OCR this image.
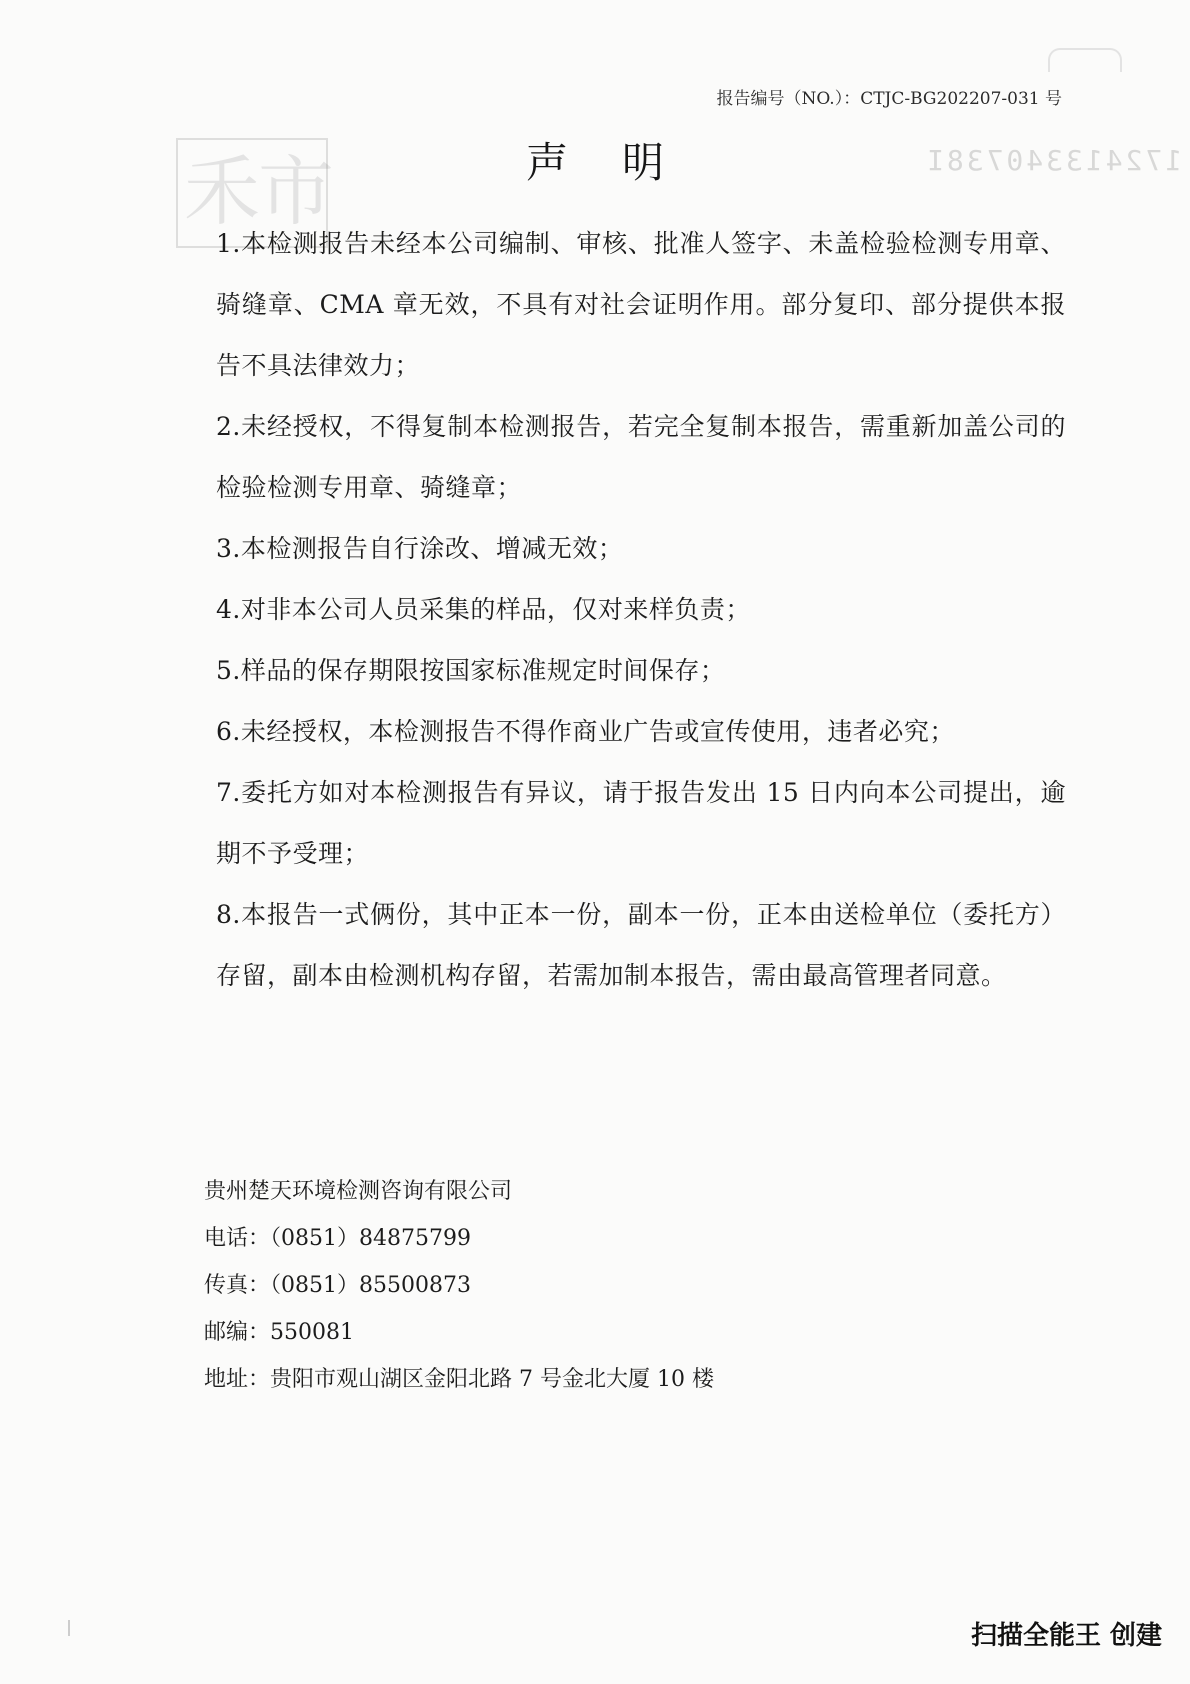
禾
市	172413340738I
报告编号（NO.）：CTJC-BG202207-031 号
声明
1.本检测报告未经本公司编制、审核、批准人签字、未盖检验检测专用章、骑缝章、CMA 章无效，不具有对社会证明作用。部分复印、部分提供本报告不具法律效力；
2.未经授权，不得复制本检测报告，若完全复制本报告，需重新加盖公司的检验检测专用章、骑缝章；
3.本检测报告自行涂改、增减无效；
4.对非本公司人员采集的样品，仅对来样负责；
5.样品的保存期限按国家标准规定时间保存；
6.未经授权，本检测报告不得作商业广告或宣传使用，违者必究；
7.委托方如对本检测报告有异议，请于报告发出 15 日内向本公司提出，逾期不予受理；
8.本报告一式俩份，其中正本一份，副本一份，正本由送检单位（委托方）存留，副本由检测机构存留，若需加制本报告，需由最高管理者同意。
贵州楚天环境检测咨询有限公司
电话：（0851）84875799
传真：（0851）85500873
邮编：550081
地址：贵阳市观山湖区金阳北路 7 号金北大厦 10 楼
扫描全能王 创建
